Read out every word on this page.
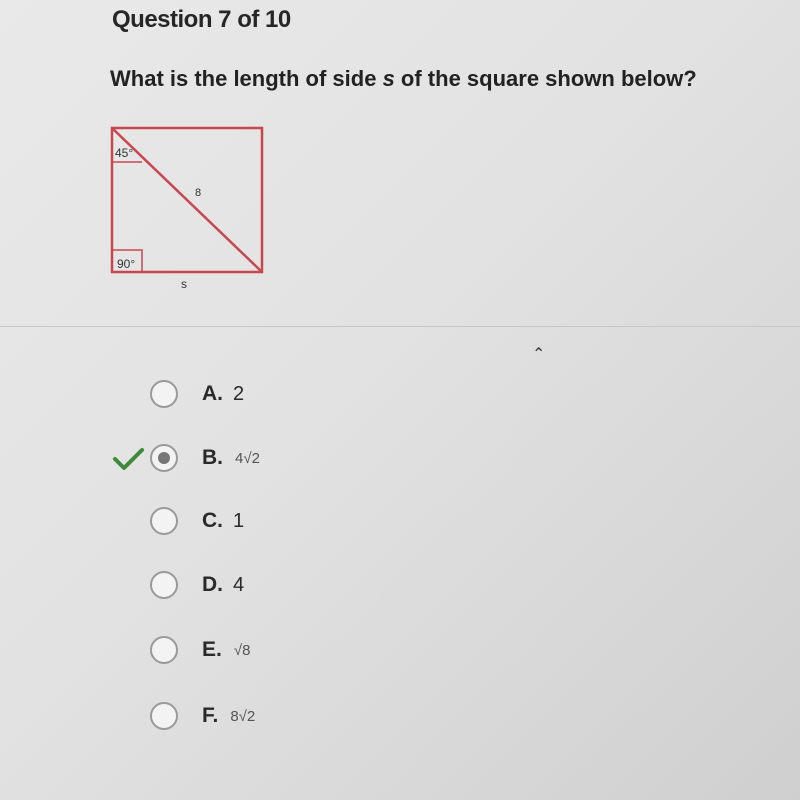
Question 7 of 10
What is the length of side s of the square shown below?
45°
90°
8
s
⌃
A. 2
B. 4√2
C. 1
D. 4
E. √8
F. 8√2
